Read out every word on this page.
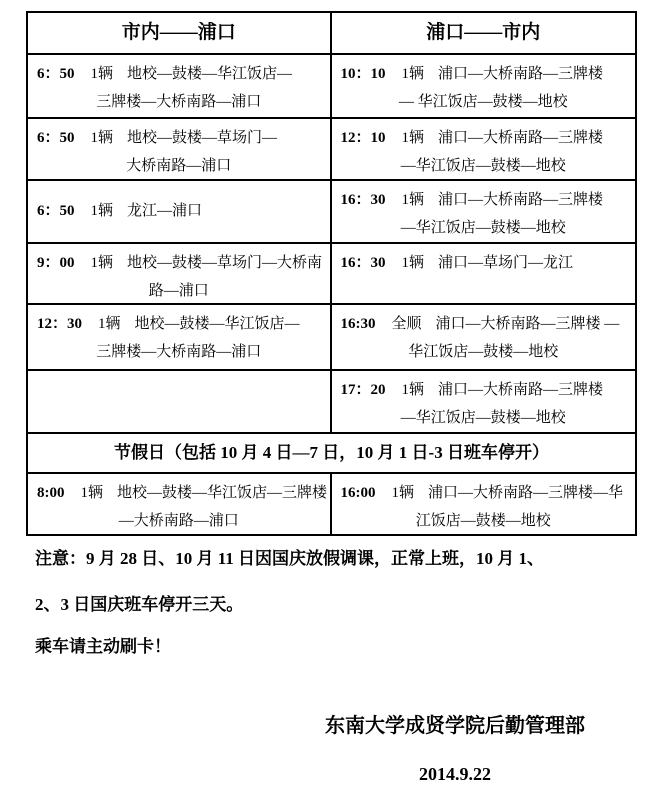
市内——浦口	浦口——市内
6：50 1辆 地校—鼓楼—华江饭店—
三牌楼—大桥南路—浦口
10：10 1辆 浦口—大桥南路—三牌楼
— 华江饭店—鼓楼—地校
6：50 1辆 地校—鼓楼—草场门—
大桥南路—浦口
12：10 1辆 浦口—大桥南路—三牌楼
—华江饭店—鼓楼—地校
6：50 1辆 龙江—浦口
16：30 1辆 浦口—大桥南路—三牌楼
—华江饭店—鼓楼—地校
9：00 1辆 地校—鼓楼—草场门—大桥南
路—浦口
16：30 1辆 浦口—草场门—龙江
12：30 1辆 地校—鼓楼—华江饭店—
三牌楼—大桥南路—浦口
16:30 全顺 浦口—大桥南路—三牌楼 —
华江饭店—鼓楼—地校
17：20 1辆 浦口—大桥南路—三牌楼
—华江饭店—鼓楼—地校
节假日（包括 10 月 4 日—7 日，10 月 1 日-3 日班车停开）
8:00 1辆 地校—鼓楼—华江饭店—三牌楼
—大桥南路—浦口
16:00 1辆 浦口—大桥南路—三牌楼—华
江饭店—鼓楼—地校
注意：9 月 28 日、10 月 11 日因国庆放假调课，正常上班，10 月 1、
2、3 日国庆班车停开三天。
乘车请主动刷卡！
东南大学成贤学院后勤管理部
2014.9.22
